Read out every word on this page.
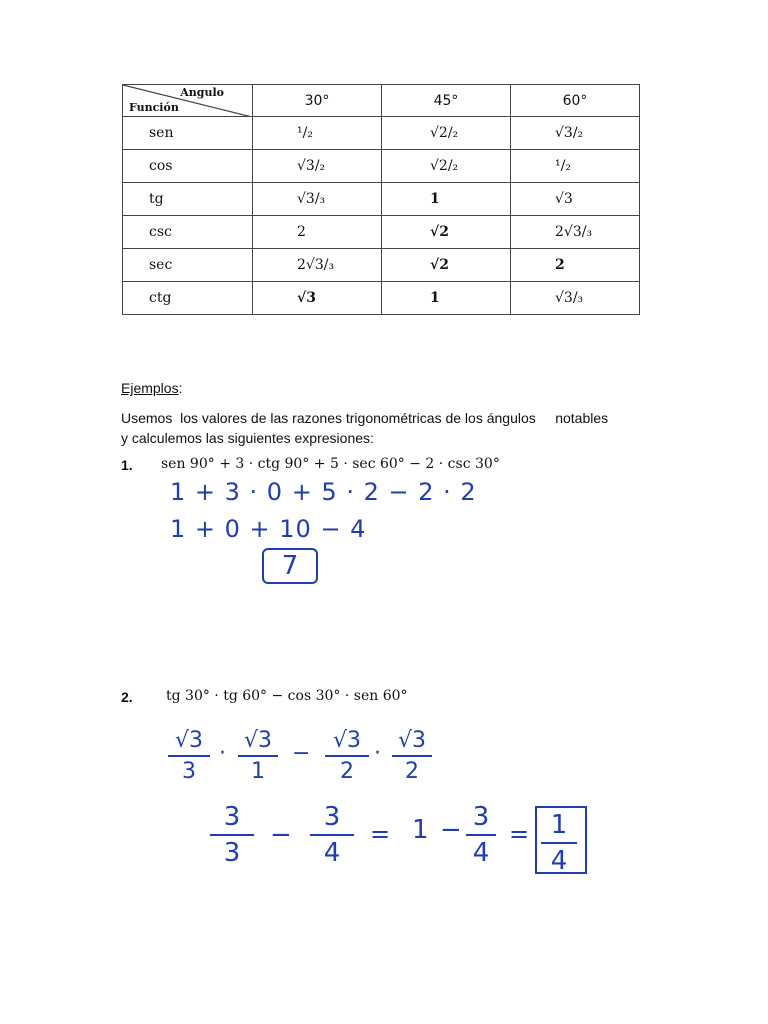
Angulo
Función	30°	45°	60°
sen	¹/₂	√2/₂	√3/₂
cos	√3/₂	√2/₂	¹/₂
tg	√3/₃	1	√3
csc	2	√2	2√3/₃
sec	2√3/₃	√2	2
ctg	√3	1	√3/₃
Ejemplos:
Usemos  los valores de las razones trigonométricas de los ángulos     notables
y calculemos las siguientes expresiones:
1. sen 90° + 3 · ctg 90° + 5 · sec 60° − 2 · csc 30°
1 + 3 · 0 + 5 · 2 − 2 · 2
1 + 0 + 10 − 4
7
2. tg 30° · tg 60° − cos 30° · sen 60°
√3
3
·
√3
1
−
√3
2
·
√3
2
3
3
−
3
4
= 1 − 3
4
= 1
4
